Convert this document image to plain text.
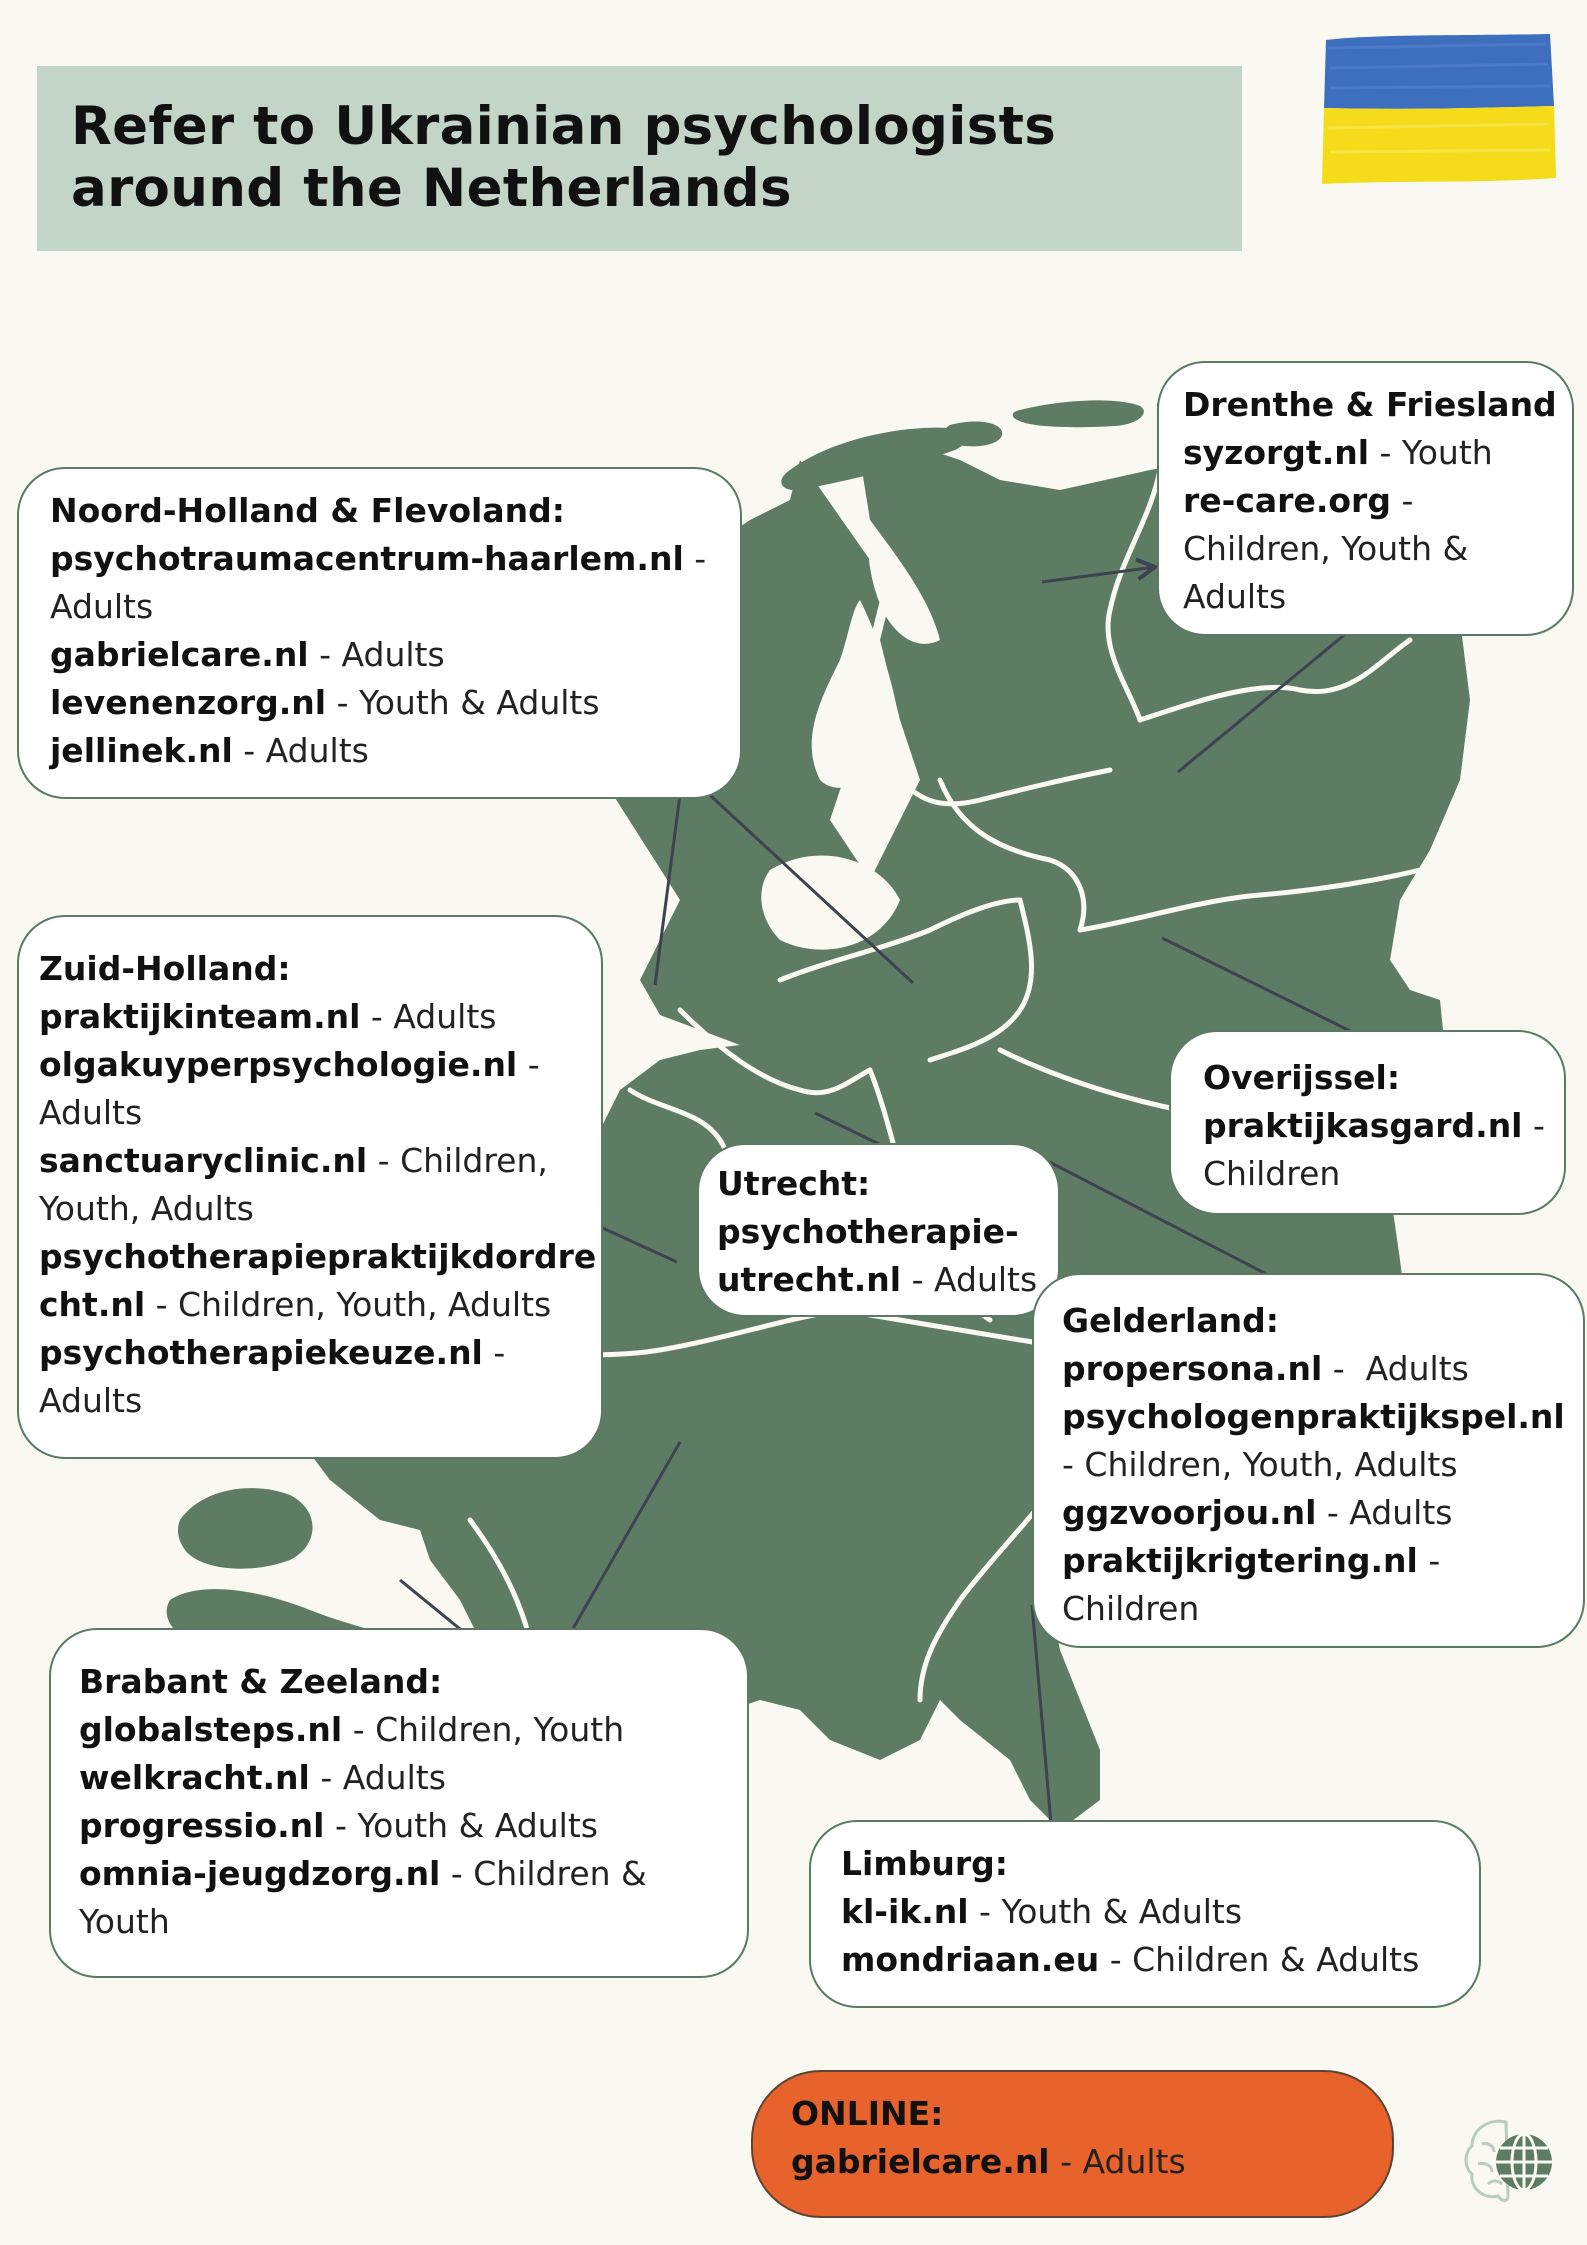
Refer to Ukrainian psychologists
around the Netherlands
Noord-Holland & Flevoland:
psychotraumacentrum-haarlem.nl -
Adults
gabrielcare.nl - Adults
levenenzorg.nl - Youth & Adults
jellinek.nl - Adults
Drenthe & Friesland
syzorgt.nl - Youth
re-care.org -
Children, Youth &
Adults
Zuid-Holland:
praktijkinteam.nl - Adults
olgakuyperpsychologie.nl -
Adults
sanctuaryclinic.nl - Children,
Youth, Adults
psychotherapiepraktijkdordre
cht.nl - Children, Youth, Adults
psychotherapiekeuze.nl -
Adults
Utrecht:
psychotherapie-
utrecht.nl - Adults
Overijssel:
praktijkasgard.nl -
Children
Gelderland:
propersona.nl -  Adults
psychologenpraktijkspel.nl
- Children, Youth, Adults
ggzvoorjou.nl - Adults
praktijkrigtering.nl -
Children
Brabant & Zeeland:
globalsteps.nl - Children, Youth
welkracht.nl - Adults
progressio.nl - Youth & Adults
omnia-jeugdzorg.nl - Children &
Youth
Limburg:
kl-ik.nl - Youth & Adults
mondriaan.eu - Children & Adults
ONLINE:
gabrielcare.nl - Adults
